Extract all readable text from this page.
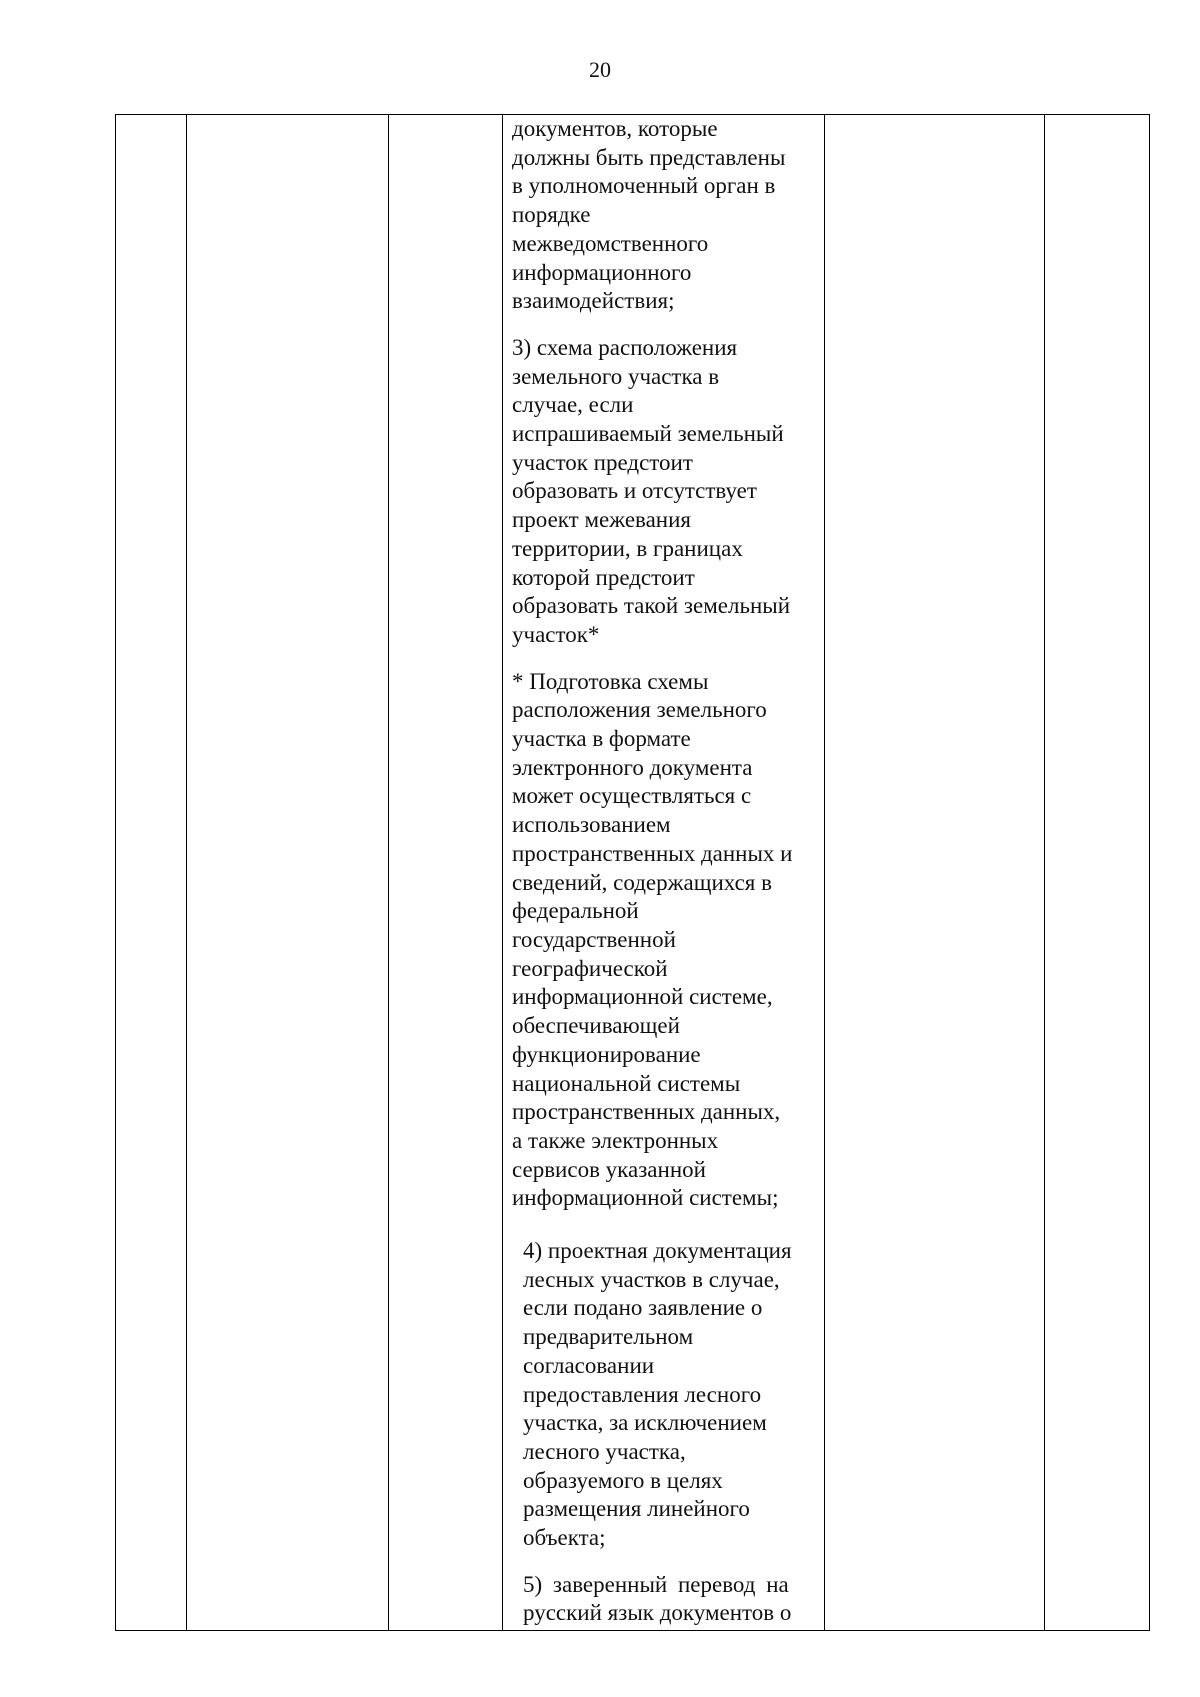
20
документов, которые
должны быть представлены
в уполномоченный орган в
порядке
межведомственного
информационного
взаимодействия;
3) схема расположения
земельного участка в
случае, если
испрашиваемый земельный
участок предстоит
образовать и отсутствует
проект межевания
территории, в границах
которой предстоит
образовать такой земельный
участок*
* Подготовка схемы
расположения земельного
участка в формате
электронного документа
может осуществляться с
использованием
пространственных данных и
сведений, содержащихся в
федеральной
государственной
географической
информационной системе,
обеспечивающей
функционирование
национальной системы
пространственных данных,
а также электронных
сервисов указанной
информационной системы;
4) проектная документация
лесных участков в случае,
если подано заявление о
предварительном
согласовании
предоставления лесного
участка, за исключением
лесного участка,
образуемого в целях
размещения линейного
объекта;
5) заверенный перевод на
русский язык документов о
